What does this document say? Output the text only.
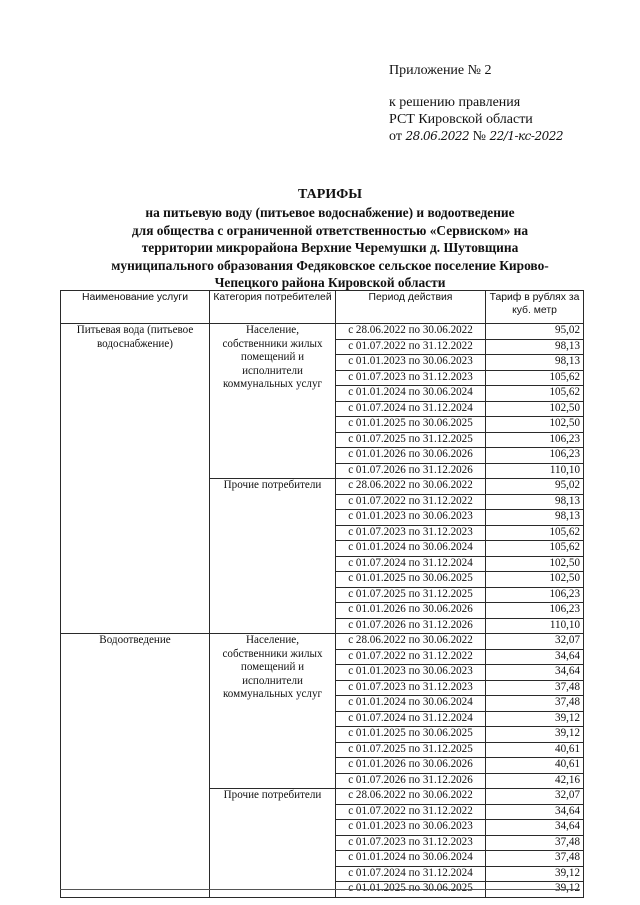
Приложение № 2
к решению правления
РСТ Кировской области
от 28.06.2022 № 22/1-кс-2022
ТАРИФЫ
на питьевую воду (питьевое водоснабжение) и водоотведение
для общества с ограниченной ответственностью «Сервиском» на
территории микрорайона Верхние Черемушки д. Шутовщина
муниципального образования Федяковское сельское поселение Кирово-
Чепецкого района Кировской области
Наименование услуги	Категория потребителей	Период действия	Тариф в рублях за куб. метр
Питьевая вода (питьевое водоснабжение)	Население, собственники жилых помещений и исполнители коммунальных услуг	с 28.06.2022 по 30.06.2022	95,02
		с 01.07.2022 по 31.12.2022	98,13
		с 01.01.2023 по 30.06.2023	98,13
		с 01.07.2023 по 31.12.2023	105,62
		с 01.01.2024 по 30.06.2024	105,62
		с 01.07.2024 по 31.12.2024	102,50
		с 01.01.2025 по 30.06.2025	102,50
		с 01.07.2025 по 31.12.2025	106,23
		с 01.01.2026 по 30.06.2026	106,23
		с 01.07.2026 по 31.12.2026	110,10
	Прочие потребители	с 28.06.2022 по 30.06.2022	95,02
		с 01.07.2022 по 31.12.2022	98,13
		с 01.01.2023 по 30.06.2023	98,13
		с 01.07.2023 по 31.12.2023	105,62
		с 01.01.2024 по 30.06.2024	105,62
		с 01.07.2024 по 31.12.2024	102,50
		с 01.01.2025 по 30.06.2025	102,50
		с 01.07.2025 по 31.12.2025	106,23
		с 01.01.2026 по 30.06.2026	106,23
		с 01.07.2026 по 31.12.2026	110,10
Водоотведение	Население, собственники жилых помещений и исполнители коммунальных услуг	с 28.06.2022 по 30.06.2022	32,07
		с 01.07.2022 по 31.12.2022	34,64
		с 01.01.2023 по 30.06.2023	34,64
		с 01.07.2023 по 31.12.2023	37,48
		с 01.01.2024 по 30.06.2024	37,48
		с 01.07.2024 по 31.12.2024	39,12
		с 01.01.2025 по 30.06.2025	39,12
		с 01.07.2025 по 31.12.2025	40,61
		с 01.01.2026 по 30.06.2026	40,61
		с 01.07.2026 по 31.12.2026	42,16
	Прочие потребители	с 28.06.2022 по 30.06.2022	32,07
		с 01.07.2022 по 31.12.2022	34,64
		с 01.01.2023 по 30.06.2023	34,64
		с 01.07.2023 по 31.12.2023	37,48
		с 01.01.2024 по 30.06.2024	37,48
		с 01.07.2024 по 31.12.2024	39,12
		с 01.01.2025 по 30.06.2025	39,12
